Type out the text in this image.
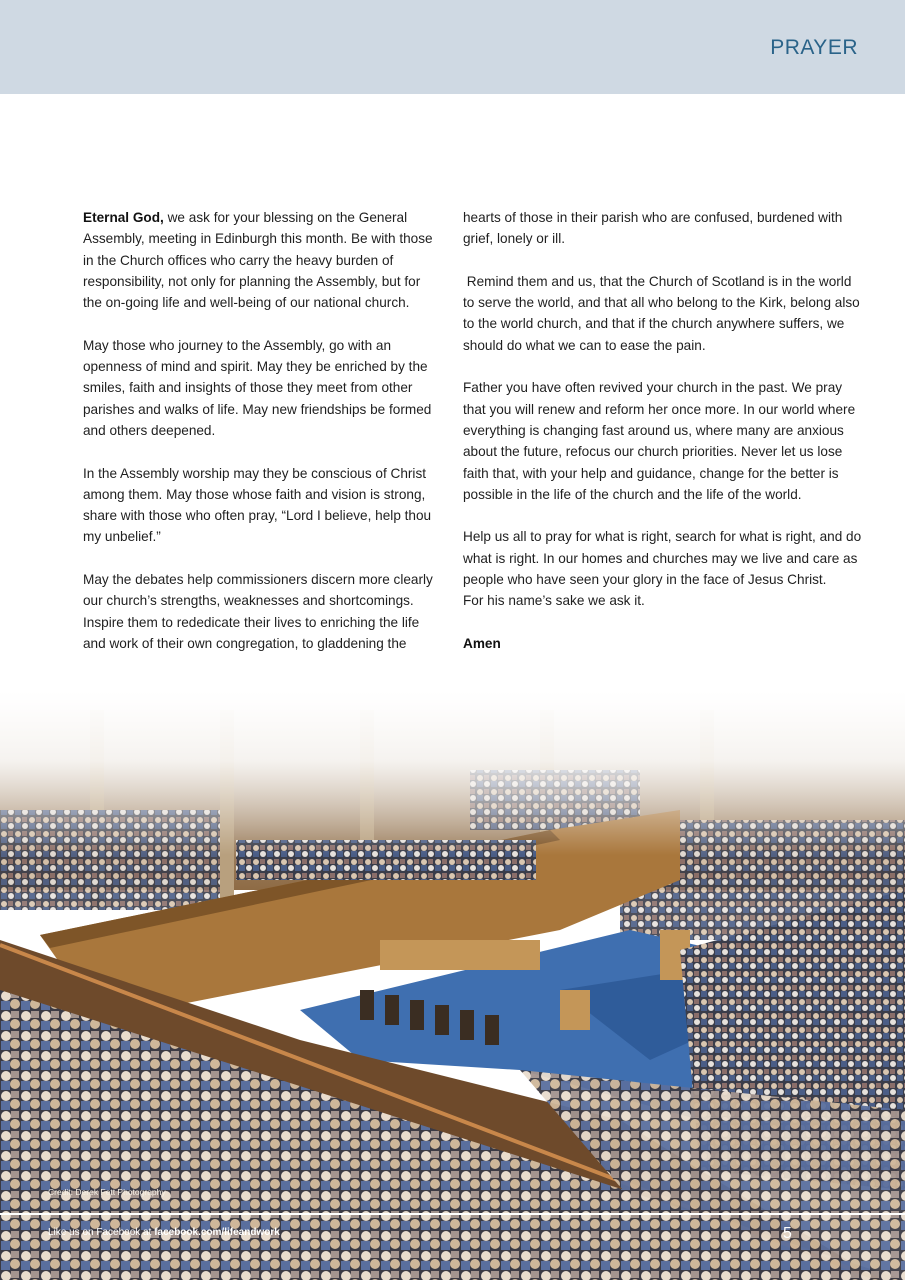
PRAYER

Eternal God, we ask for your blessing on the General Assembly, meeting in Edinburgh this month. Be with those in the Church offices who carry the heavy burden of responsibility, not only for planning the Assembly, but for the on-going life and well-being of our national church.

May those who journey to the Assembly, go with an openness of mind and spirit. May they be enriched by the smiles, faith and insights of those they meet from other parishes and walks of life. May new friendships be formed and others deepened.

In the Assembly worship may they be conscious of Christ among them. May those whose faith and vision is strong, share with those who often pray, “Lord I believe, help thou my unbelief.”

May the debates help commissioners discern more clearly our church’s strengths, weaknesses and shortcomings. Inspire them to rededicate their lives to enriching the life and work of their own congregation, to gladdening the

hearts of those in their parish who are confused, burdened with grief, lonely or ill.

Remind them and us, that the Church of Scotland is in the world to serve the world, and that all who belong to the Kirk, belong also to the world church, and that if the church anywhere suffers, we should do what we can to ease the pain.

Father you have often revived your church in the past. We pray that you will renew and reform her once more. In our world where everything is changing fast around us, where many are anxious about the future, refocus our church priorities. Never let us lose faith that, with your help and guidance, change for the better is possible in the life of the church and the life of the world.

Help us all to pray for what is right, search for what is right, and do what is right. In our homes and churches may we live and care as people who have seen your glory in the face of Jesus Christ.
For his name’s sake we ask it.

Amen

Credit: Derek Fett Photography
Like us on Facebook at facebook.com/lifeandwork	5
